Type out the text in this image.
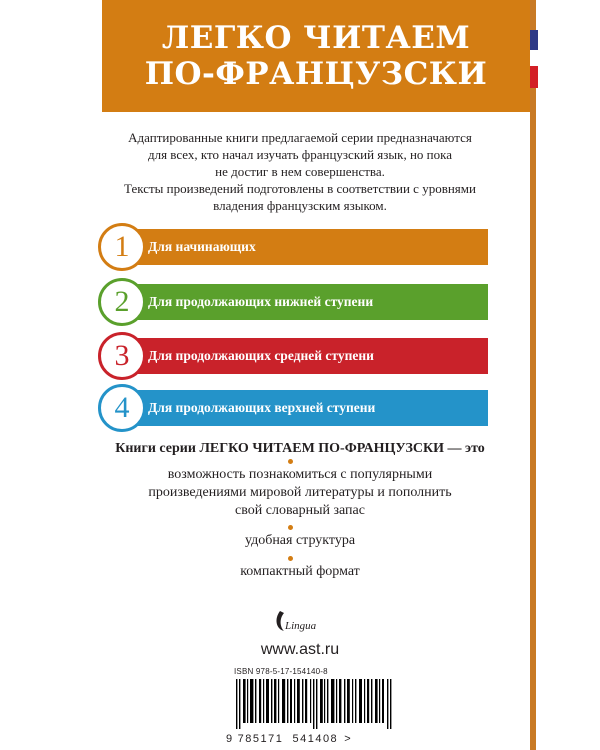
ЛЕГКО ЧИТАЕМ
ПО-ФРАНЦУЗСКИ

Адаптированные книги предлагаемой серии предназначаются

для всех, кто начал изучать французский язык, но пока

не достиг в нем совершенства.

Тексты произведений подготовлены в соответствии с уровнями

владения французским языком.

Для начинающих
1
Для продолжающих нижней ступени
2
Для продолжающих средней ступени
3
Для продолжающих верхней ступени
4
Книги серии ЛЕГКО ЧИТАЕМ ПО-ФРАНЦУЗСКИ — это
возможность познакомиться с популярными
произведениями мировой литературы и пополнить
свой словарный запас
удобная структура
компактный формат
Lingua
www.ast.ru
ISBN 978-5-17-154140-8
9 785171 541408 >
